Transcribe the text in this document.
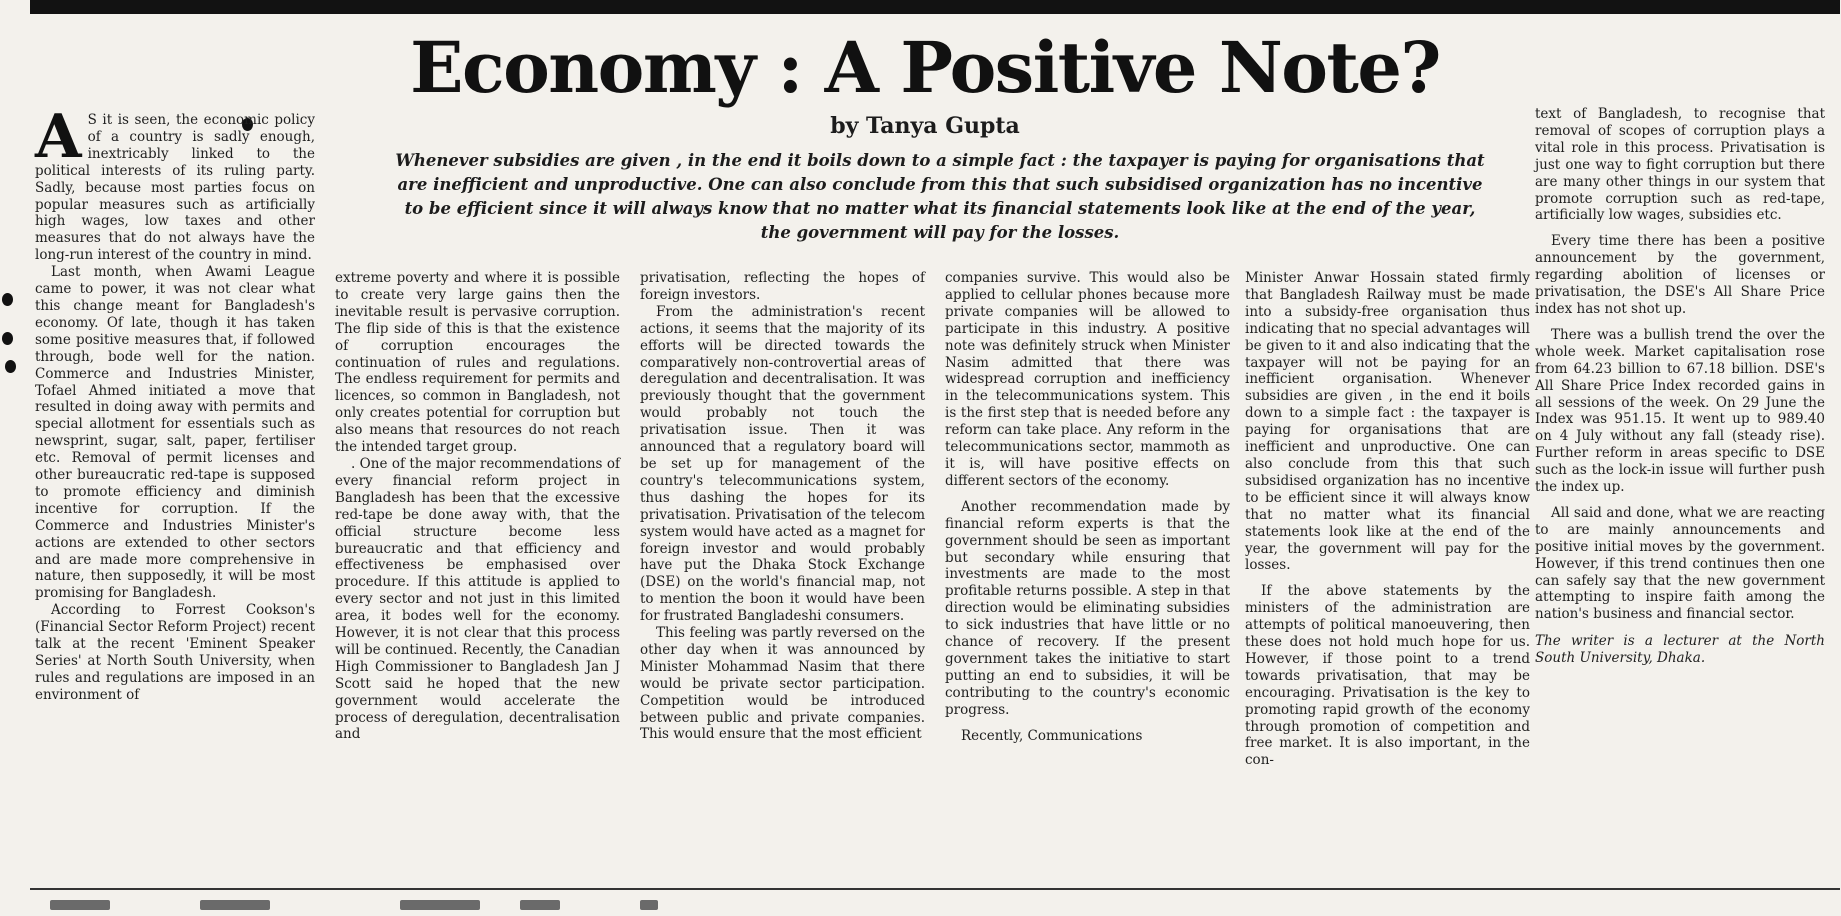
Economy : A Positive Note?
by Tanya Gupta
Whenever subsidies are given , in the end it boils down to a simple fact : the taxpayer is paying for organisations that are inefficient and unproductive. One can also conclude from this that such subsidised organization has no incentive to be efficient since it will always know that no matter what its financial statements look like at the end of the year, the government will pay for the losses.

A S it is seen, the economic policy of a country is sadly enough, inextricably linked to the political interests of its ruling party. Sadly, because most parties focus on popular measures such as artificially high wages, low taxes and other measures that do not always have the long-run interest of the country in mind.

Last month, when Awami League came to power, it was not clear what this change meant for Bangladesh's economy. Of late, though it has taken some positive measures that, if followed through, bode well for the nation. Commerce and Industries Minister, Tofael Ahmed initiated a move that resulted in doing away with permits and special allotment for essentials such as newsprint, sugar, salt, paper, fertiliser etc. Removal of permit licenses and other bureaucratic red-tape is supposed to promote efficiency and diminish incentive for corruption. If the Commerce and Industries Minister's actions are extended to other sectors and are made more comprehensive in nature, then supposedly, it will be most promising for Bangladesh.

According to Forrest Cookson's (Financial Sector Reform Project) recent talk at the recent 'Eminent Speaker Series' at North South University, when rules and regulations are imposed in an environment of

extreme poverty and where it is possible to create very large gains then the inevitable result is pervasive corruption. The flip side of this is that the existence of corruption encourages the continuation of rules and regulations. The endless requirement for permits and licences, so common in Bangladesh, not only creates potential for corruption but also means that resources do not reach the intended target group.

. One of the major recommendations of every financial reform project in Bangladesh has been that the excessive red-tape be done away with, that the official structure become less bureaucratic and that efficiency and effectiveness be emphasised over procedure. If this attitude is applied to every sector and not just in this limited area, it bodes well for the economy. However, it is not clear that this process will be continued. Recently, the Canadian High Commissioner to Bangladesh Jan J Scott said he hoped that the new government would accelerate the process of deregulation, decentralisation and

privatisation, reflecting the hopes of foreign investors.

From the administration's recent actions, it seems that the majority of its efforts will be directed towards the comparatively non-controvertial areas of deregulation and decentralisation. It was previously thought that the government would probably not touch the privatisation issue. Then it was announced that a regulatory board will be set up for management of the country's telecommunications system, thus dashing the hopes for its privatisation. Privatisation of the telecom system would have acted as a magnet for foreign investor and would probably have put the Dhaka Stock Exchange (DSE) on the world's financial map, not to mention the boon it would have been for frustrated Bangladeshi consumers.

This feeling was partly reversed on the other day when it was announced by Minister Mohammad Nasim that there would be private sector participation. Competition would be introduced between public and private companies. This would ensure that the most efficient

companies survive. This would also be applied to cellular phones because more private companies will be allowed to participate in this industry. A positive note was definitely struck when Minister Nasim admitted that there was widespread corruption and inefficiency in the telecommunications system. This is the first step that is needed before any reform can take place. Any reform in the telecommunications sector, mammoth as it is, will have positive effects on different sectors of the economy.

Another recommendation made by financial reform experts is that the government should be seen as important but secondary while ensuring that investments are made to the most profitable returns possible. A step in that direction would be eliminating subsidies to sick industries that have little or no chance of recovery. If the present government takes the initiative to start putting an end to subsidies, it will be contributing to the country's economic progress.

Recently, Communications

Minister Anwar Hossain stated firmly that Bangladesh Railway must be made into a subsidy-free organisation thus indicating that no special advantages will be given to it and also indicating that the taxpayer will not be paying for an inefficient organisation. Whenever subsidies are given , in the end it boils down to a simple fact : the taxpayer is paying for organisations that are inefficient and unproductive. One can also conclude from this that such subsidised organization has no incentive to be efficient since it will always know that no matter what its financial statements look like at the end of the year, the government will pay for the losses.

If the above statements by the ministers of the administration are attempts of political manoeuvering, then these does not hold much hope for us. However, if those point to a trend towards privatisation, that may be encouraging. Privatisation is the key to promoting rapid growth of the economy through promotion of competition and free market. It is also important, in the con-

text of Bangladesh, to recognise that removal of scopes of corruption plays a vital role in this process. Privatisation is just one way to fight corruption but there are many other things in our system that promote corruption such as red-tape, artificially low wages, subsidies etc.

Every time there has been a positive announcement by the government, regarding abolition of licenses or privatisation, the DSE's All Share Price index has not shot up.

There was a bullish trend the over the whole week. Market capitalisation rose from 64.23 billion to 67.18 billion. DSE's All Share Price Index recorded gains in all sessions of the week. On 29 June the Index was 951.15. It went up to 989.40 on 4 July without any fall (steady rise). Further reform in areas specific to DSE such as the lock-in issue will further push the index up.

All said and done, what we are reacting to are mainly announcements and positive initial moves by the government. However, if this trend continues then one can safely say that the new government attempting to inspire faith among the nation's business and financial sector.

The writer is a lecturer at the North South University, Dhaka.
